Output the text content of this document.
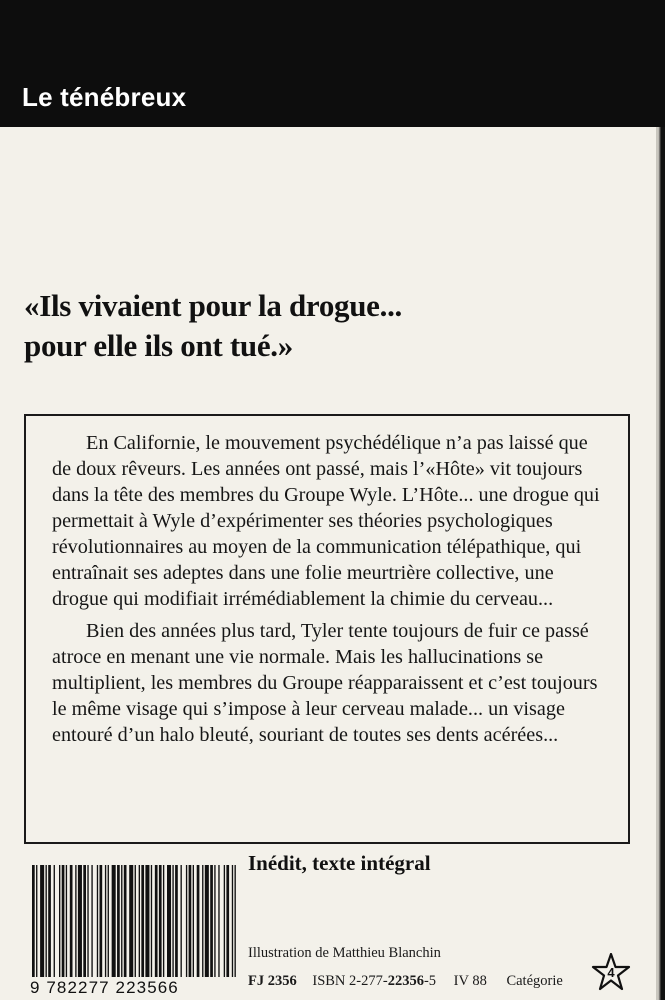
Le ténébreux
«Ils vivaient pour la drogue...
pour elle ils ont tué.»

En Californie, le mouvement psychédélique n’a pas laissé que de doux rêveurs. Les années ont passé, mais l’«Hôte» vit toujours dans la tête des membres du Groupe Wyle. L’Hôte... une drogue qui permettait à Wyle d’expérimenter ses théories psychologiques révolutionnaires au moyen de la communication télépathique, qui entraînait ses adeptes dans une folie meurtrière collective, une drogue qui modifiait irrémédiablement la chimie du cerveau...

Bien des années plus tard, Tyler tente toujours de fuir ce passé atroce en menant une vie normale. Mais les hallucinations se multiplient, les membres du Groupe réapparaissent et c’est toujours le même visage qui s’impose à leur cerveau malade... un visage entouré d’un halo bleuté, souriant de toutes ses dents acérées...

Inédit, texte intégral
9 782277 223566
Illustration de Matthieu Blanchin
FJ 2356 ISBN 2-277-22356-5 IV 88 Catégorie
4
